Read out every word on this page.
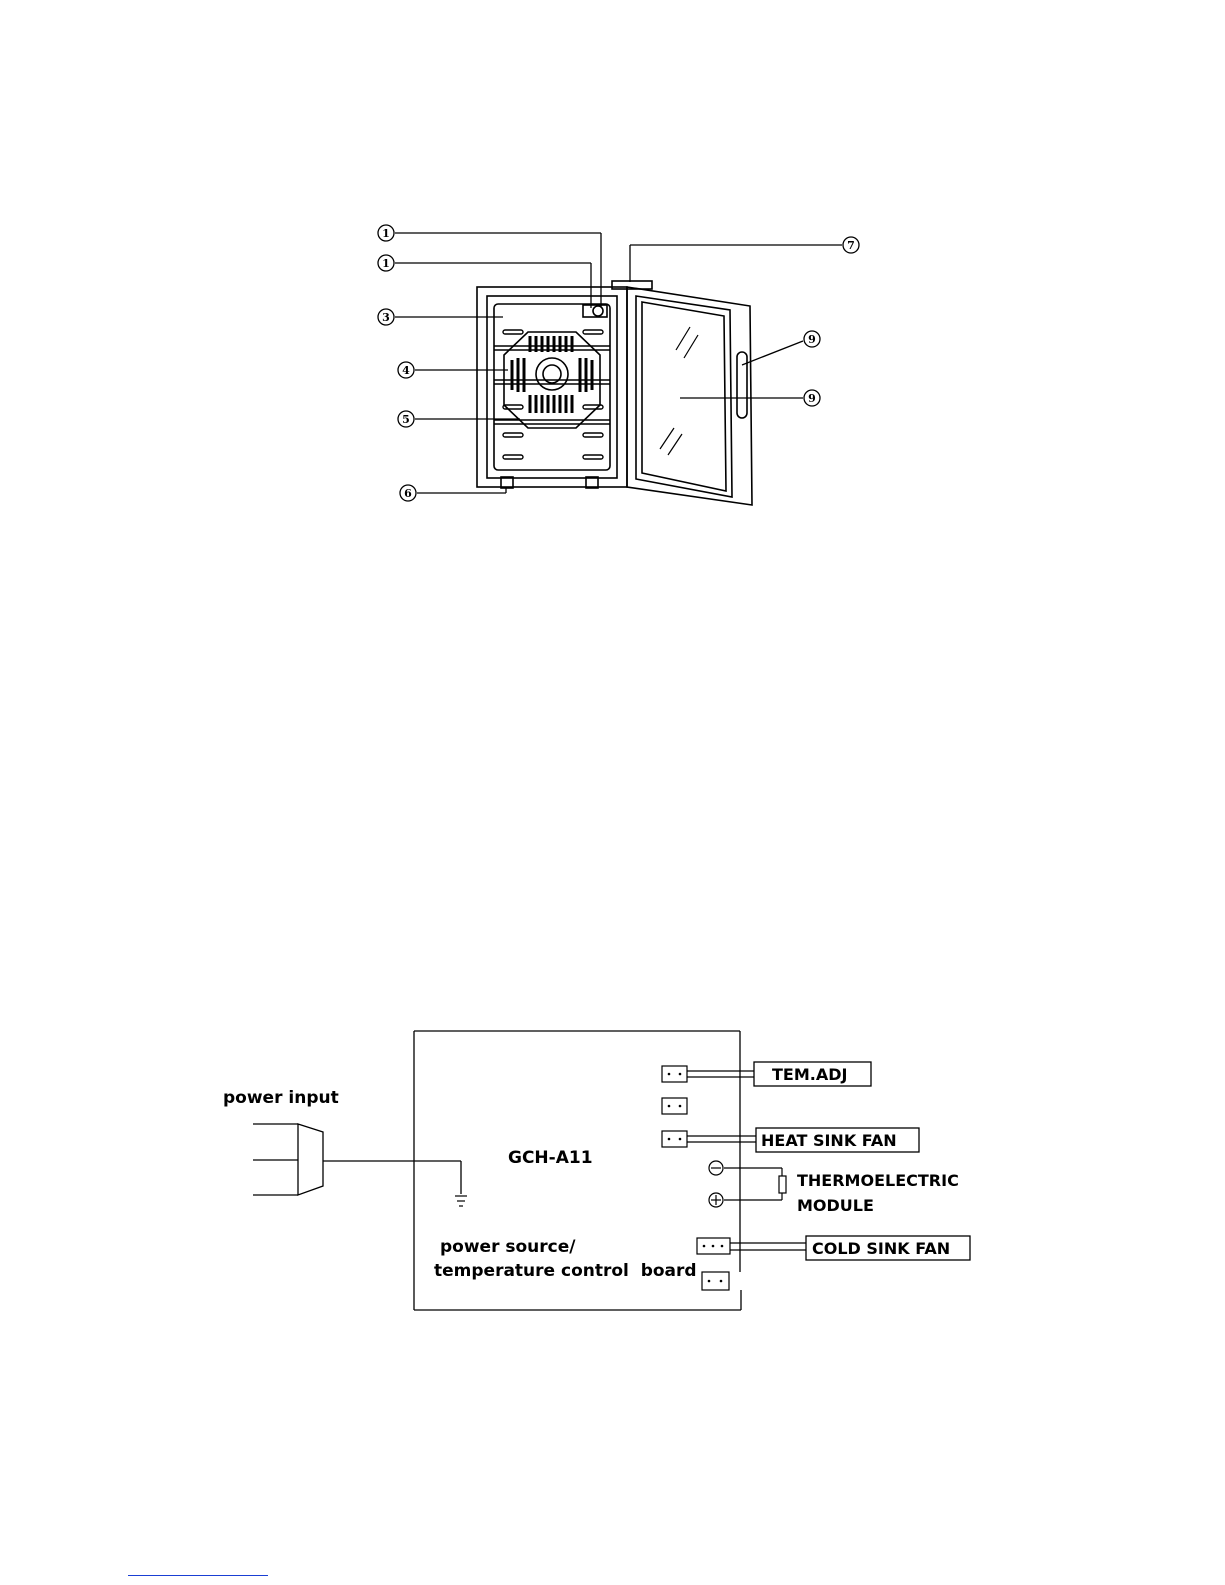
1
1
3
4
5
6
7
9
9
power input
GCH-A11
power source/
temperature control  board
TEM.ADJ
HEAT SINK FAN
THERMOELECTRIC
MODULE
COLD SINK FAN
